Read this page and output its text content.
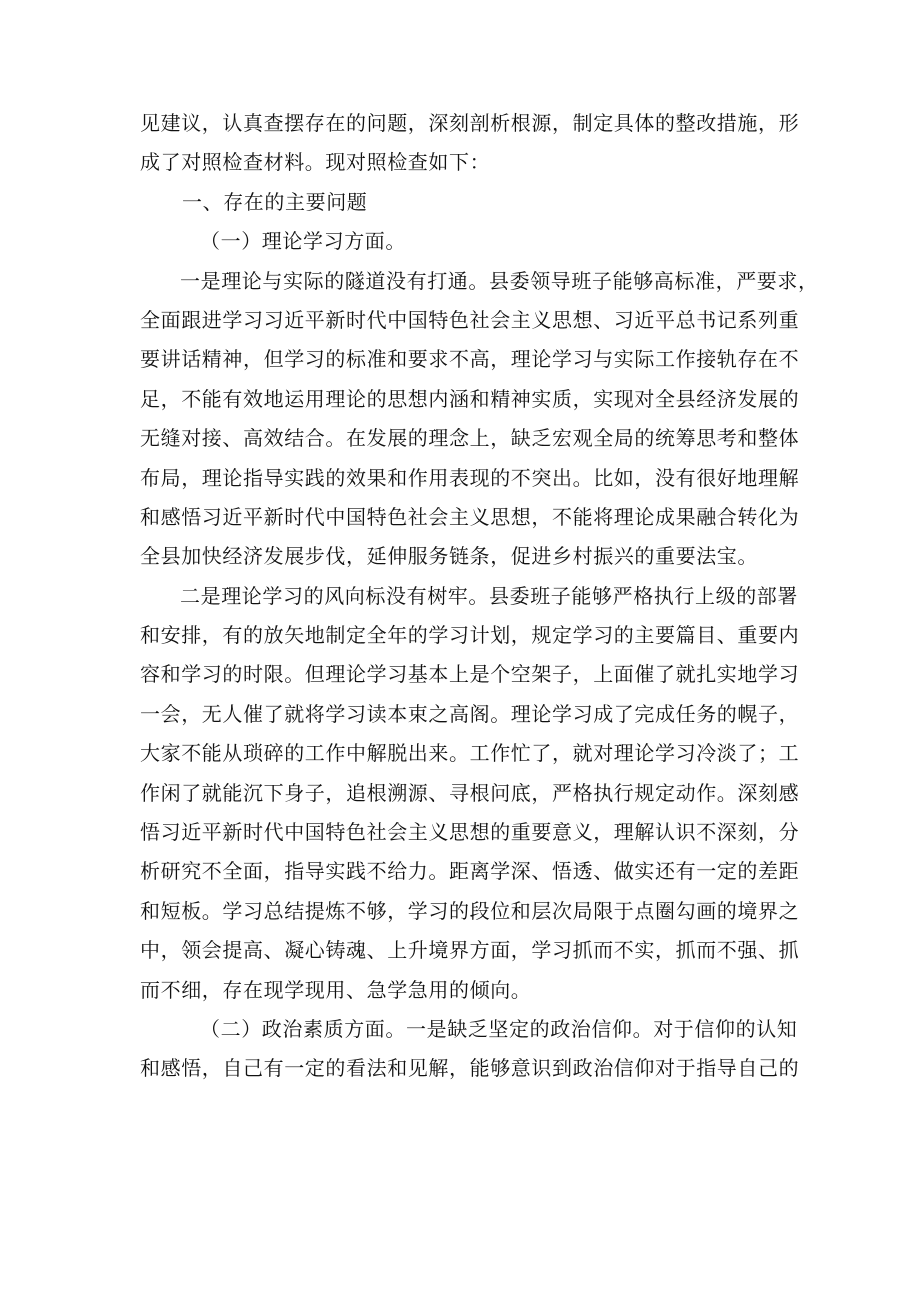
见建议，认真查摆存在的问题，深刻剖析根源，制定具体的整改措施，形
成了对照检查材料。现对照检查如下：
一、存在的主要问题
（一）理论学习方面。
一是理论与实际的隧道没有打通。县委领导班子能够高标准，严要求，
全面跟进学习习近平新时代中国特色社会主义思想、习近平总书记系列重
要讲话精神，但学习的标准和要求不高，理论学习与实际工作接轨存在不
足，不能有效地运用理论的思想内涵和精神实质，实现对全县经济发展的
无缝对接、高效结合。在发展的理念上，缺乏宏观全局的统筹思考和整体
布局，理论指导实践的效果和作用表现的不突出。比如，没有很好地理解
和感悟习近平新时代中国特色社会主义思想，不能将理论成果融合转化为
全县加快经济发展步伐，延伸服务链条，促进乡村振兴的重要法宝。
二是理论学习的风向标没有树牢。县委班子能够严格执行上级的部署
和安排，有的放矢地制定全年的学习计划，规定学习的主要篇目、重要内
容和学习的时限。但理论学习基本上是个空架子，上面催了就扎实地学习
一会，无人催了就将学习读本束之高阁。理论学习成了完成任务的幌子，
大家不能从琐碎的工作中解脱出来。工作忙了，就对理论学习冷淡了；工
作闲了就能沉下身子，追根溯源、寻根问底，严格执行规定动作。深刻感
悟习近平新时代中国特色社会主义思想的重要意义，理解认识不深刻，分
析研究不全面，指导实践不给力。距离学深、悟透、做实还有一定的差距
和短板。学习总结提炼不够，学习的段位和层次局限于点圈勾画的境界之
中，领会提高、凝心铸魂、上升境界方面，学习抓而不实，抓而不强、抓
而不细，存在现学现用、急学急用的倾向。
（二）政治素质方面。一是缺乏坚定的政治信仰。对于信仰的认知
和感悟，自己有一定的看法和见解，能够意识到政治信仰对于指导自己的
